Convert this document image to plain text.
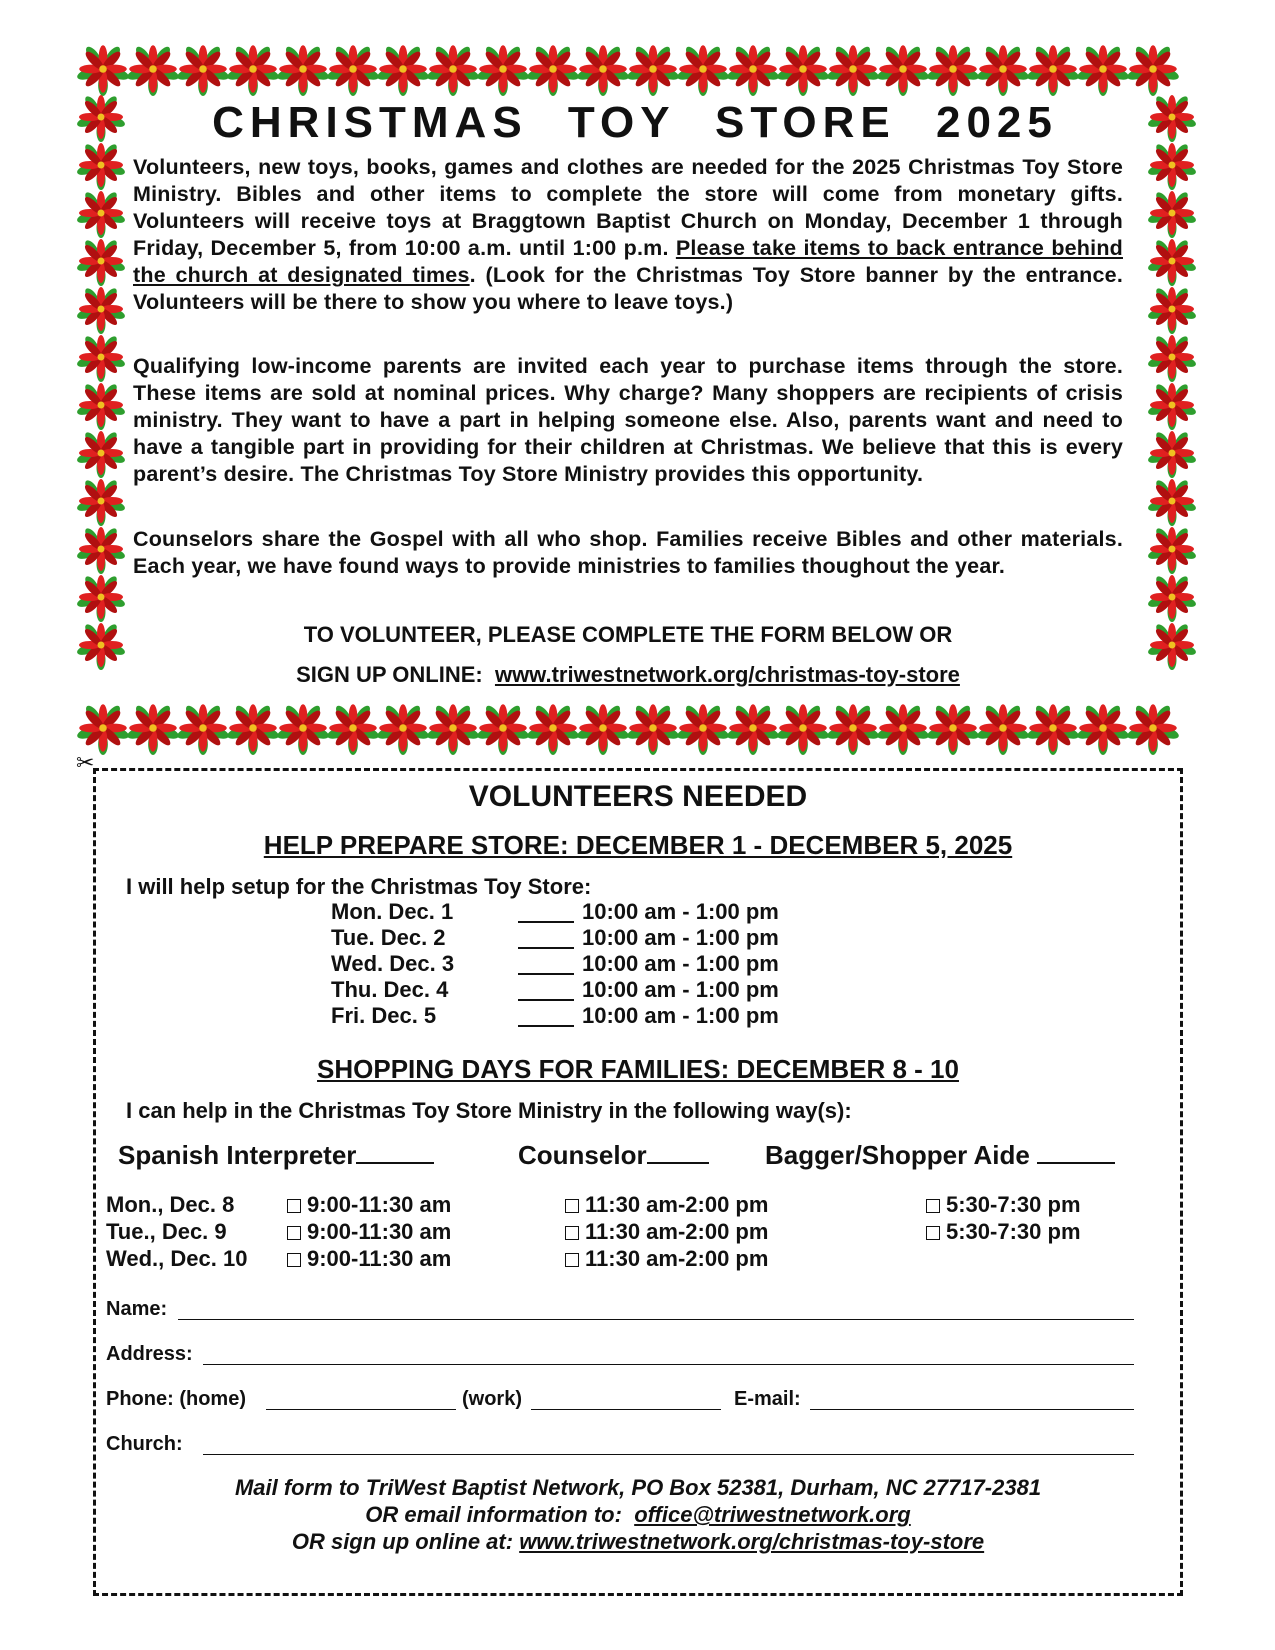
CHRISTMAS TOY STORE 2025
Volunteers, new toys, books, games and clothes are needed for the 2025 Christmas Toy Store Ministry. Bibles and other items to complete the store will come from monetary gifts. Volunteers will receive toys at Braggtown Baptist Church on Monday, December 1 through Friday, December 5, from 10:00 a.m. until 1:00 p.m. Please take items to back entrance behind the church at designated times. (Look for the Christmas Toy Store banner by the entrance. Volunteers will be there to show you where to leave toys.)
Qualifying low-income parents are invited each year to purchase items through the store. These items are sold at nominal prices. Why charge? Many shoppers are recipients of crisis ministry. They want to have a part in helping someone else. Also, parents want and need to have a tangible part in providing for their children at Christmas. We believe that this is every parent’s desire. The Christmas Toy Store Ministry provides this opportunity.
Counselors share the Gospel with all who shop. Families receive Bibles and other materials. Each year, we have found ways to provide ministries to families thoughout the year.
TO VOLUNTEER, PLEASE COMPLETE THE FORM BELOW OR
SIGN UP ONLINE: www.triwestnetwork.org/christmas-toy-store
✂
VOLUNTEERS NEEDED
HELP PREPARE STORE: DECEMBER 1 - DECEMBER 5, 2025
I will help setup for the Christmas Toy Store:
Mon. Dec. 1	10:00 am - 1:00 pm
Tue. Dec. 2	10:00 am - 1:00 pm
Wed. Dec. 3	10:00 am - 1:00 pm
Thu. Dec. 4	10:00 am - 1:00 pm
Fri. Dec. 5	10:00 am - 1:00 pm
SHOPPING DAYS FOR FAMILIES: DECEMBER 8 - 10
I can help in the Christmas Toy Store Ministry in the following way(s):
Spanish Interpreter	Counselor	Bagger/Shopper Aide
Mon., Dec. 8	9:00-11:30 am	11:30 am-2:00 pm	5:30-7:30 pm
Tue., Dec. 9	9:00-11:30 am	11:30 am-2:00 pm	5:30-7:30 pm
Wed., Dec. 10	9:00-11:30 am	11:30 am-2:00 pm
Name:
Address:
Phone: (home)	(work)	E-mail:
Church:
Mail form to TriWest Baptist Network, PO Box 52381, Durham, NC 27717-2381
OR email information to: office@triwestnetwork.org
OR sign up online at: www.triwestnetwork.org/christmas-toy-store
